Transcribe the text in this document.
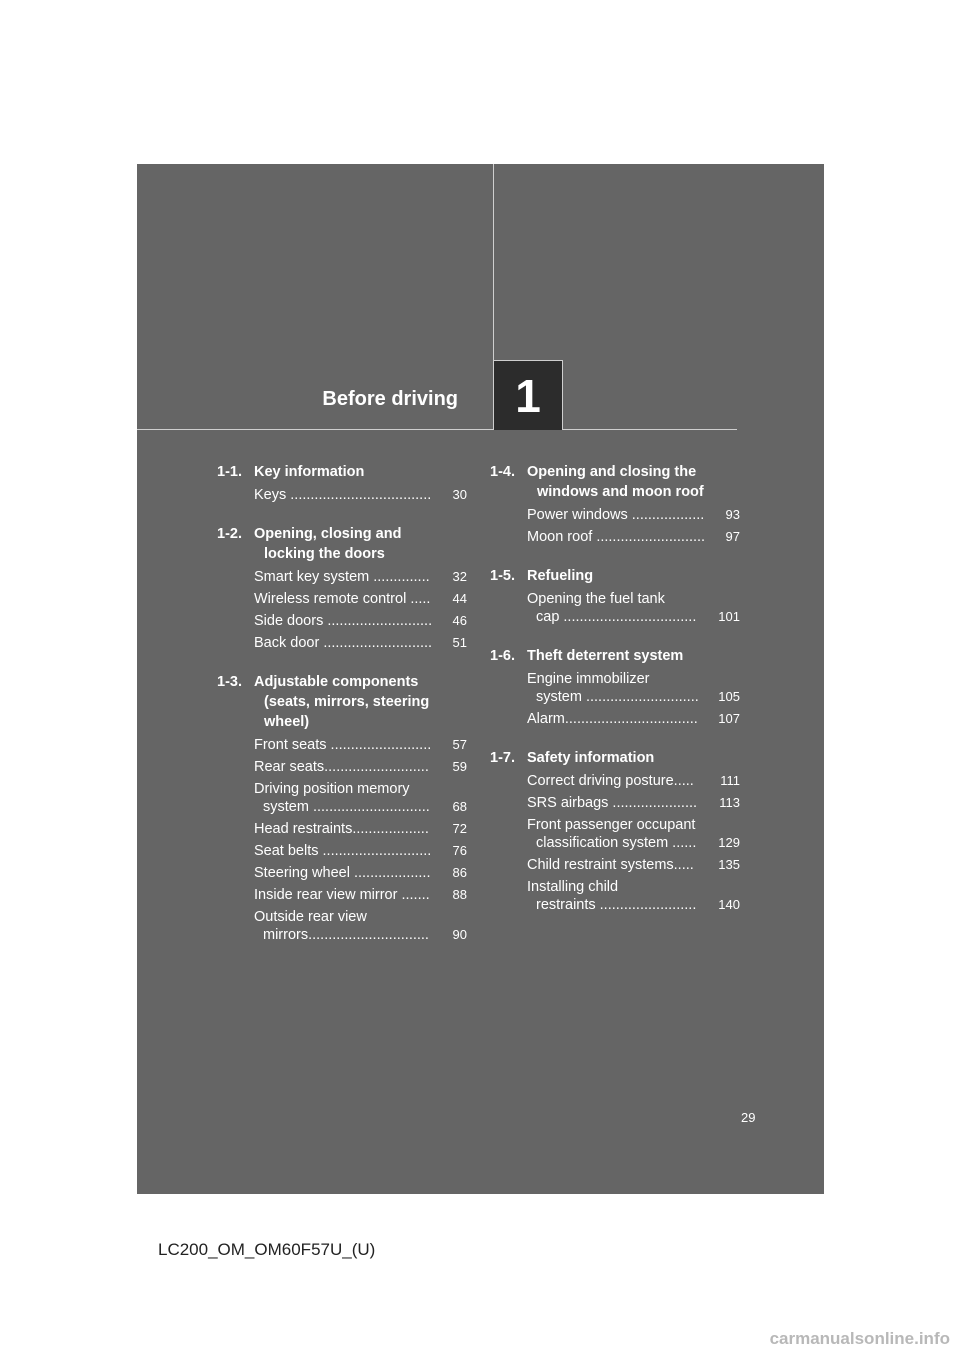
Before driving 1
1-1. Key information
Keys ...................................	30
1-2. Opening, closing and
locking the doors
Smart key system ..............	32
Wireless remote control .....	44
Side doors ..........................	46
Back door ...........................	51
1-3. Adjustable components
(seats, mirrors, steering wheel)
Front seats .........................	57
Rear seats..........................	59
Driving position memory
system .............................	68
Head restraints...................	72
Seat belts ...........................	76
Steering wheel ...................	86
Inside rear view mirror .......	88
Outside rear view
mirrors..............................	90
1-4. Opening and closing the
windows and moon roof
Power windows ..................	93
Moon roof ...........................	97
1-5. Refueling
Opening the fuel tank
cap .................................	101
1-6. Theft deterrent system
Engine immobilizer
system ............................	105
Alarm.................................	107
1-7. Safety information
Correct driving posture.....	111
SRS airbags .....................	113
Front passenger occupant
classification system ......	129
Child restraint systems.....	135
Installing child
restraints ........................	140
29
LC200_OM_OM60F57U_(U)
carmanualsonline.info
